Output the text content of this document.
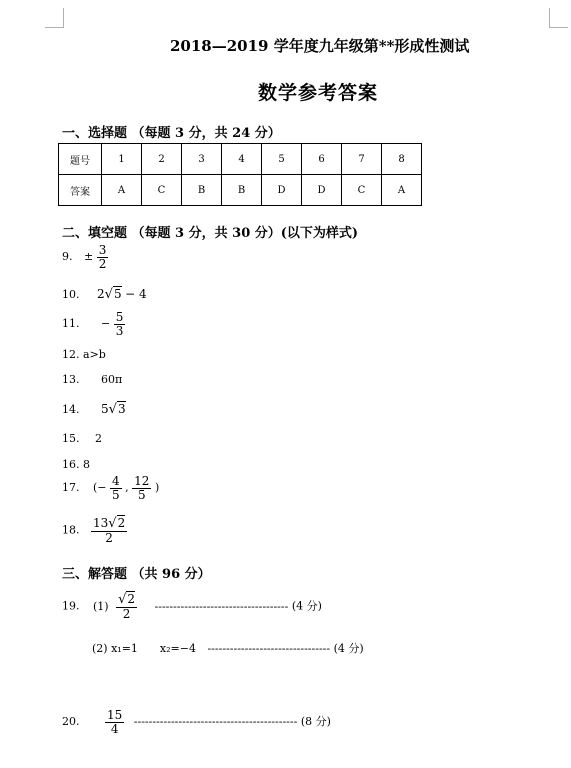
2018—2019 学年度九年级第**形成性测试
数学参考答案
一、选择题 （每题 3 分，共 24 分）
题号	1	2	3	4	5	6	7	8
答案	A	C	B	B	D	D	C	A
二、填空题 （每题 3 分，共 30 分）(以下为样式)
9. ± $\frac{3}{2}$
10. 2√5 − 4
11. − $\frac{5}{3}$
12. a>b
13. 60π
14. 5√3
15. 2
16. 8
17. (− $\frac{4}{5}$ , $\frac{12}{5}$ )
18. $\frac{13√2}{2}$
三、解答题 （共 96 分）
19. $(1) \frac{√2}{2}$ ------------------------------------ (4 分)
(2) x₁=1　　x₂=−4 --------------------------------- (4 分)
20. $\frac{15}{4}$ -------------------------------------------- (8 分)
